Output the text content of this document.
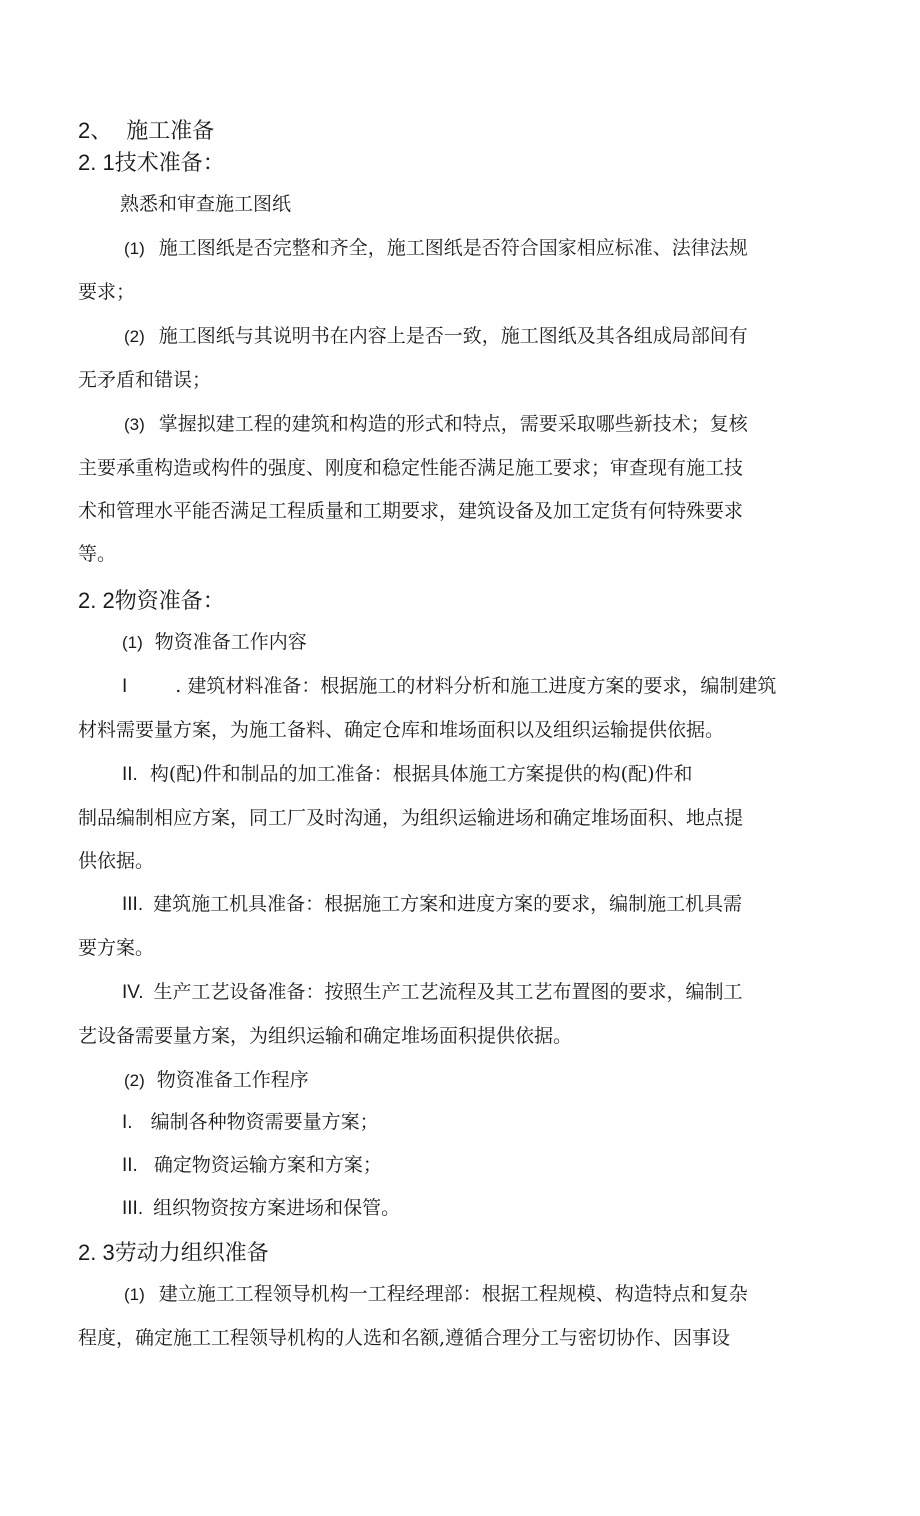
2、 施工准备
2. 1技术准备：
熟悉和审查施工图纸
(1) 施工图纸是否完整和齐全，施工图纸是否符合国家相应标准、法律法规
要求；
(2) 施工图纸与其说明书在内容上是否一致，施工图纸及其各组成局部间有
无矛盾和错误；
(3) 掌握拟建工程的建筑和构造的形式和特点，需要采取哪些新技术；复核
主要承重构造或构件的强度、刚度和稳定性能否满足施工要求；审查现有施工技
术和管理水平能否满足工程质量和工期要求，建筑设备及加工定货有何特殊要求
等。
2. 2物资准备：
(1) 物资准备工作内容
I	. 建筑材料准备：根据施工的材料分析和施工进度方案的要求，编制建筑
材料需要量方案，为施工备料、确定仓库和堆场面积以及组织运输提供依据。
II. 构(配)件和制品的加工准备：根据具体施工方案提供的构(配)件和
制品编制相应方案，同工厂及时沟通，为组织运输进场和确定堆场面积、地点提
供依据。
III. 建筑施工机具准备：根据施工方案和进度方案的要求，编制施工机具需
要方案。
IV. 生产工艺设备准备：按照生产工艺流程及其工艺布置图的要求，编制工
艺设备需要量方案，为组织运输和确定堆场面积提供依据。
(2) 物资准备工作程序
I. 编制各种物资需要量方案；
II. 确定物资运输方案和方案；
III. 组织物资按方案进场和保管。
2. 3劳动力组织准备
(1) 建立施工工程领导机构一工程经理部：根据工程规模、构造特点和复杂
程度，确定施工工程领导机构的人选和名额,遵循合理分工与密切协作、因事设
